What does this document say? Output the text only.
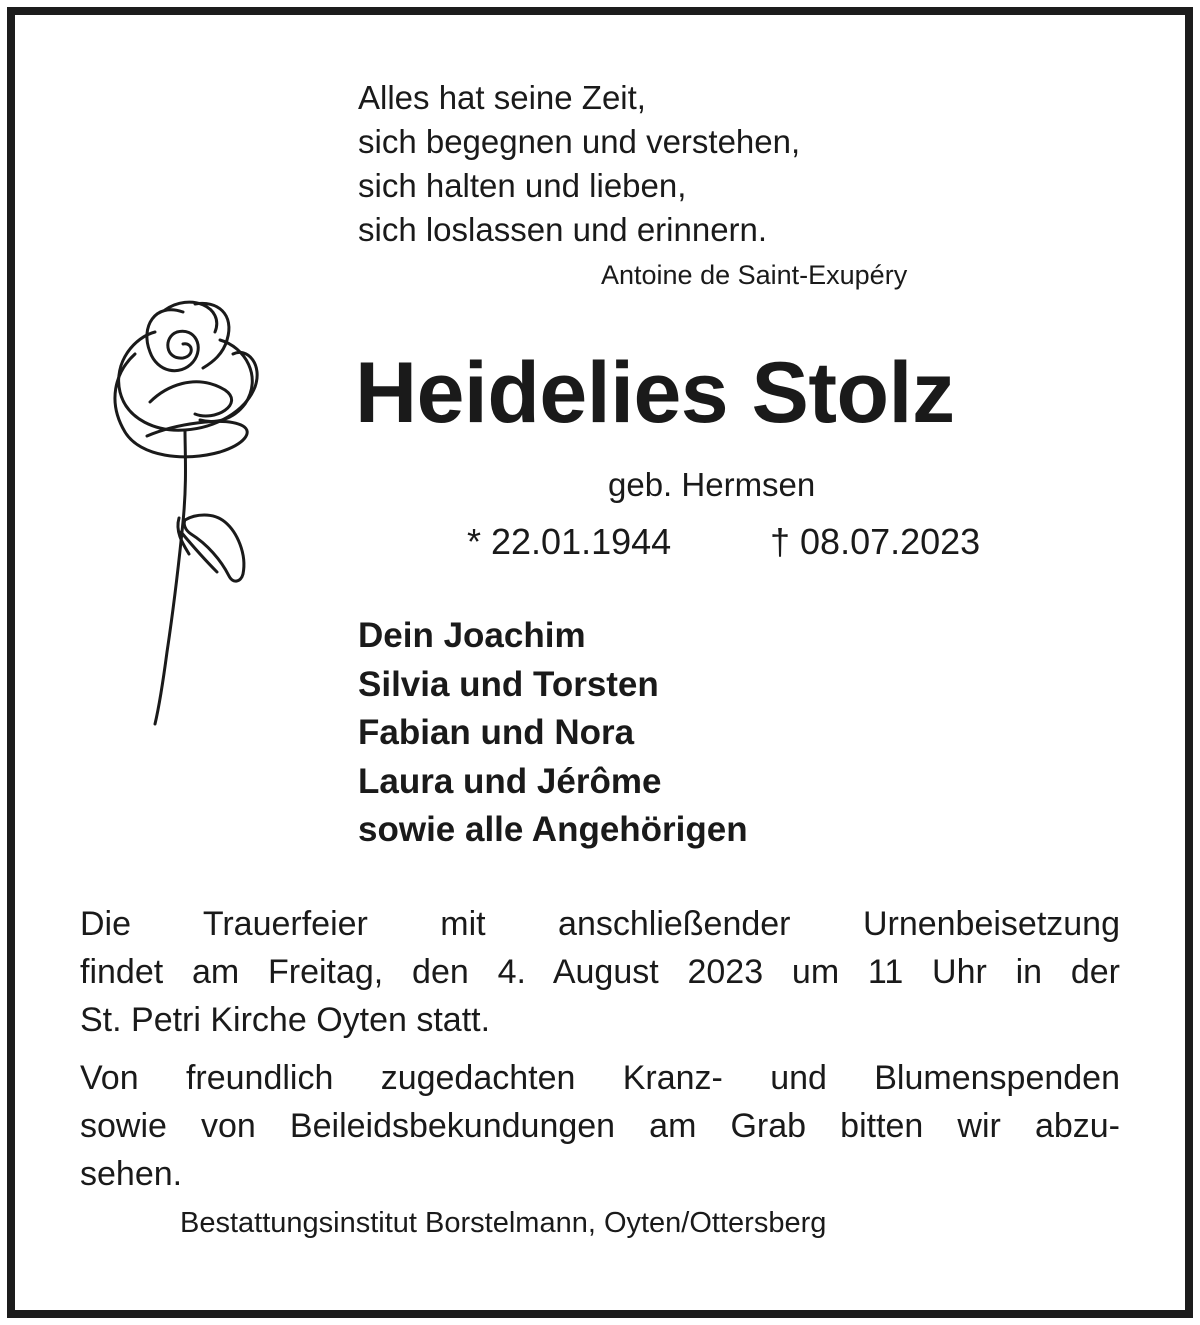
Alles hat seine Zeit,
sich begegnen und verstehen,
sich halten und lieben,
sich loslassen und erinnern.
Antoine de Saint-Exupéry
Heidelies Stolz
geb. Hermsen
* 22.01.1944	† 08.07.2023
Dein Joachim
Silvia und Torsten
Fabian und Nora
Laura und Jérôme
sowie alle Angehörigen
Die Trauerfeier mit anschließender Urnenbeisetzung
findet am Freitag, den 4. August 2023 um 11 Uhr in der
St. Petri Kirche Oyten statt.
Von freundlich zugedachten Kranz- und Blumenspenden
sowie von Beileidsbekundungen am Grab bitten wir abzu-
sehen.
Bestattungsinstitut Borstelmann, Oyten/Ottersberg
